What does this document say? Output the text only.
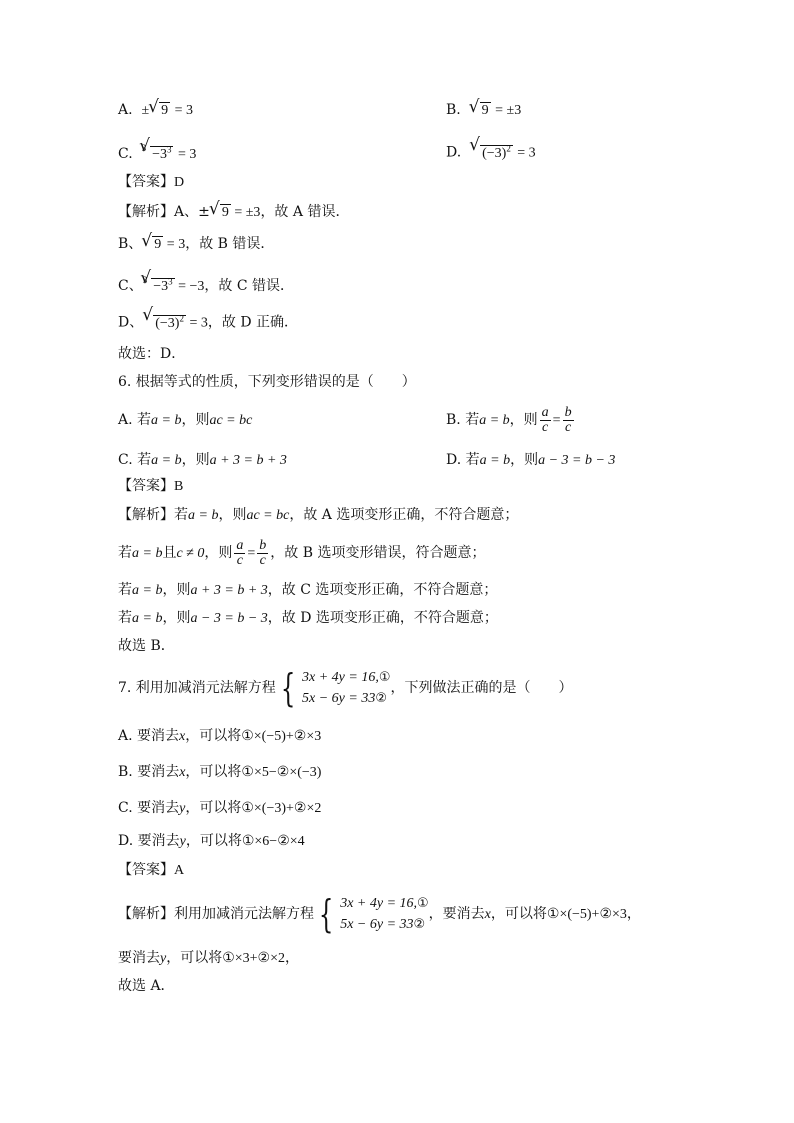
A. ±√ 9 = 3	B.  √ 9 = ±3
C. $^3√ -3^3 = 3$	D.  √ $(-3)^2 = 3$
【答案】D
【解析】A、±√ 9 = ±3，故 A 错误．
B、√ 9 = 3，故 B 错误．
C、$^3√ -3^3 = -3$，故 C 错误．
D、√ $(-3)^2 = 3$，故 D 正确．
故选：D．
6. 根据等式的性质，下列变形错误的是（　　）
A. 若a = b，则ac = bc	B. 若a = b，则 $\frac{a}{c} = \frac{b}{c}$
C. 若a = b，则a + 3 = b + 3	D. 若a = b，则a − 3 = b − 3
【答案】B
【解析】若a = b，则ac = bc，故 A 选项变形正确，不符合题意；
若a = b且c ≠ 0，则 $\frac{a}{c} = \frac{b}{c}$ ，故 B 选项变形错误，符合题意；
若a = b，则a + 3 = b + 3，故 C 选项变形正确，不符合题意；
若a = b，则a − 3 = b − 3，故 D 选项变形正确，不符合题意；
故选 B．
7. 利用加减消元法解方程 { 3x + 4y = 16,①
5x − 6y = 33②
，下列做法正确的是（　　）
A. 要消去x，可以将①×(−5)+②×3
B. 要消去x，可以将①×5−②×(−3)
C. 要消去y，可以将①×(−3)+②×2
D. 要消去y，可以将①×6−②×4
【答案】A
【解析】利用加减消元法解方程 { 3x + 4y = 16,①
5x − 6y = 33②
，要消去x，可以将①×(−5)+②×3，
要消去y，可以将①×3+②×2，
故选 A．
